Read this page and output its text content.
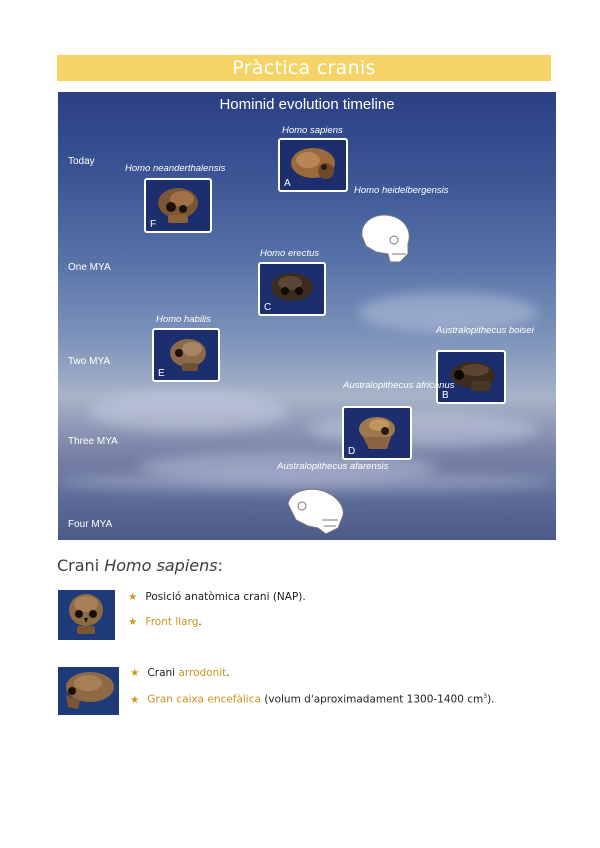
Pràctica cranis
Hominid evolution timeline
Today
One MYA
Two MYA
Three MYA
Four MYA
Homo sapiens
A
Homo neanderthalensis
F
Homo heidelbergensis
Homo erectus
C
Homo habilis
E
Australopithecus boisei
B
Australopithecus africanus
D
Australopithecus afarensis
Crani Homo sapiens:
★ Posició anatòmica crani (NAP).
★ Front llarg.
★ Crani arrodonit.
★ Gran caixa encefàlica (volum d'aproximadament 1300-1400 $cm^3$).
